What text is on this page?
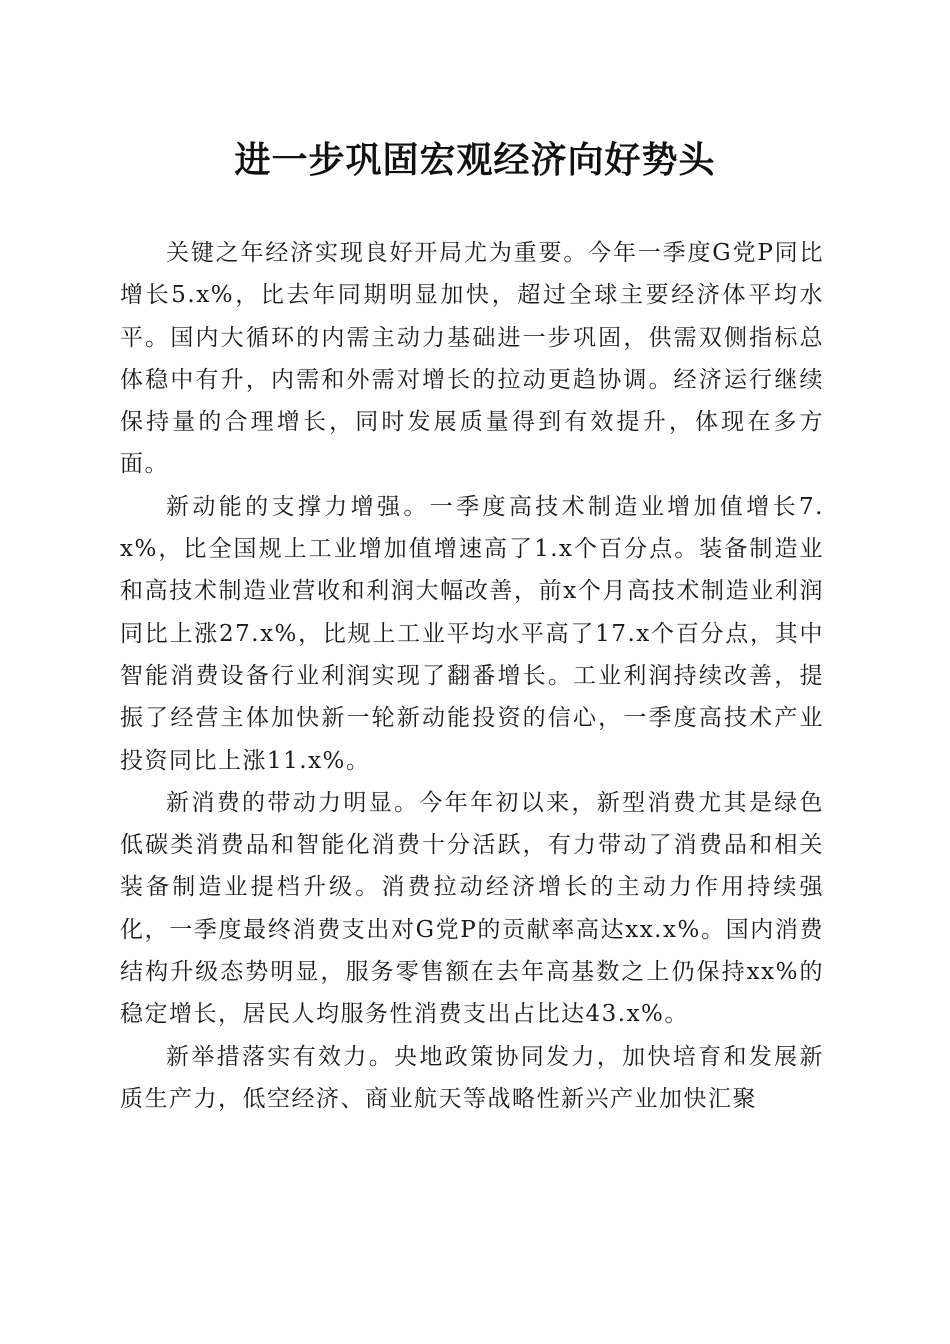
进一步巩固宏观经济向好势头

关键之年经济实现良好开局尤为重要。今年一季度G党P同比增长5.x%，比去年同期明显加快，超过全球主要经济体平均水平。国内大循环的内需主动力基础进一步巩固，供需双侧指标总体稳中有升，内需和外需对增长的拉动更趋协调。经济运行继续保持量的合理增长，同时发展质量得到有效提升，体现在多方面。

新动能的支撑力增强。一季度高技术制造业增加值增长7.x%，比全国规上工业增加值增速高了1.x个百分点。装备制造业和高技术制造业营收和利润大幅改善，前x个月高技术制造业利润同比上涨27.x%，比规上工业平均水平高了17.x个百分点，其中智能消费设备行业利润实现了翻番增长。工业利润持续改善，提振了经营主体加快新一轮新动能投资的信心，一季度高技术产业投资同比上涨11.x%。

新消费的带动力明显。今年年初以来，新型消费尤其是绿色低碳类消费品和智能化消费十分活跃，有力带动了消费品和相关装备制造业提档升级。消费拉动经济增长的主动力作用持续强化，一季度最终消费支出对G党P的贡献率高达xx.x%。国内消费结构升级态势明显，服务零售额在去年高基数之上仍保持xx%的稳定增长，居民人均服务性消费支出占比达43.x%。

新举措落实有效力。央地政策协同发力，加快培育和发展新质生产力，低空经济、商业航天等战略性新兴产业加快汇聚
